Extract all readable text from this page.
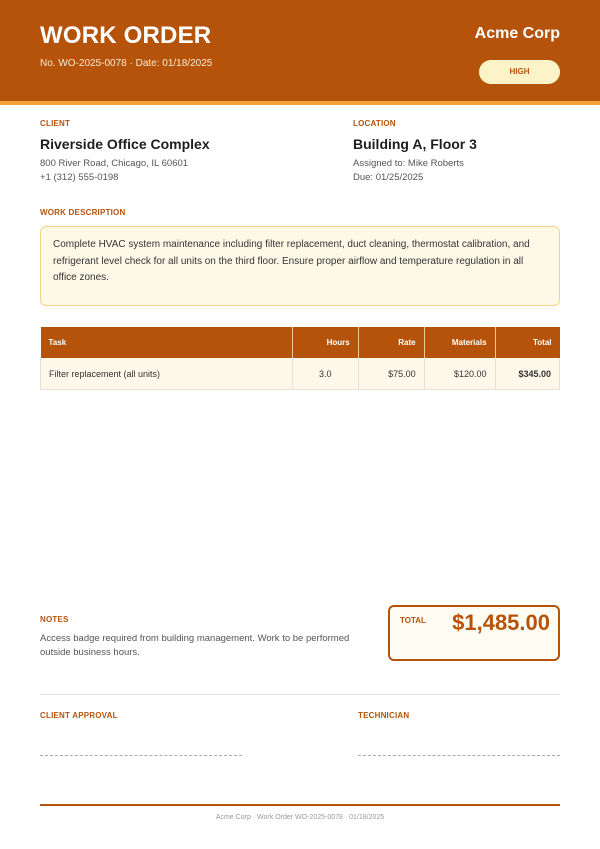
WORK ORDER
No. WO-2025-0078 · Date: 01/18/2025
Acme Corp
HIGH
CLIENT
Riverside Office Complex
800 River Road, Chicago, IL 60601
+1 (312) 555-0198
LOCATION
Building A, Floor 3
Assigned to: Mike Roberts
Due: 01/25/2025
WORK DESCRIPTION
Complete HVAC system maintenance including filter replacement, duct cleaning, thermostat calibration, and refrigerant level check for all units on the third floor. Ensure proper airflow and temperature regulation in all office zones.
Task	Hours	Rate	Materials	Total
Filter replacement (all units)	3.0	$75.00	$120.00	$345.00
NOTES
Access badge required from building management. Work to be performed outside business hours.
TOTAL $1,485.00
CLIENT APPROVAL	TECHNICIAN
Acme Corp · Work Order WO-2025-0078 · 01/18/2025
